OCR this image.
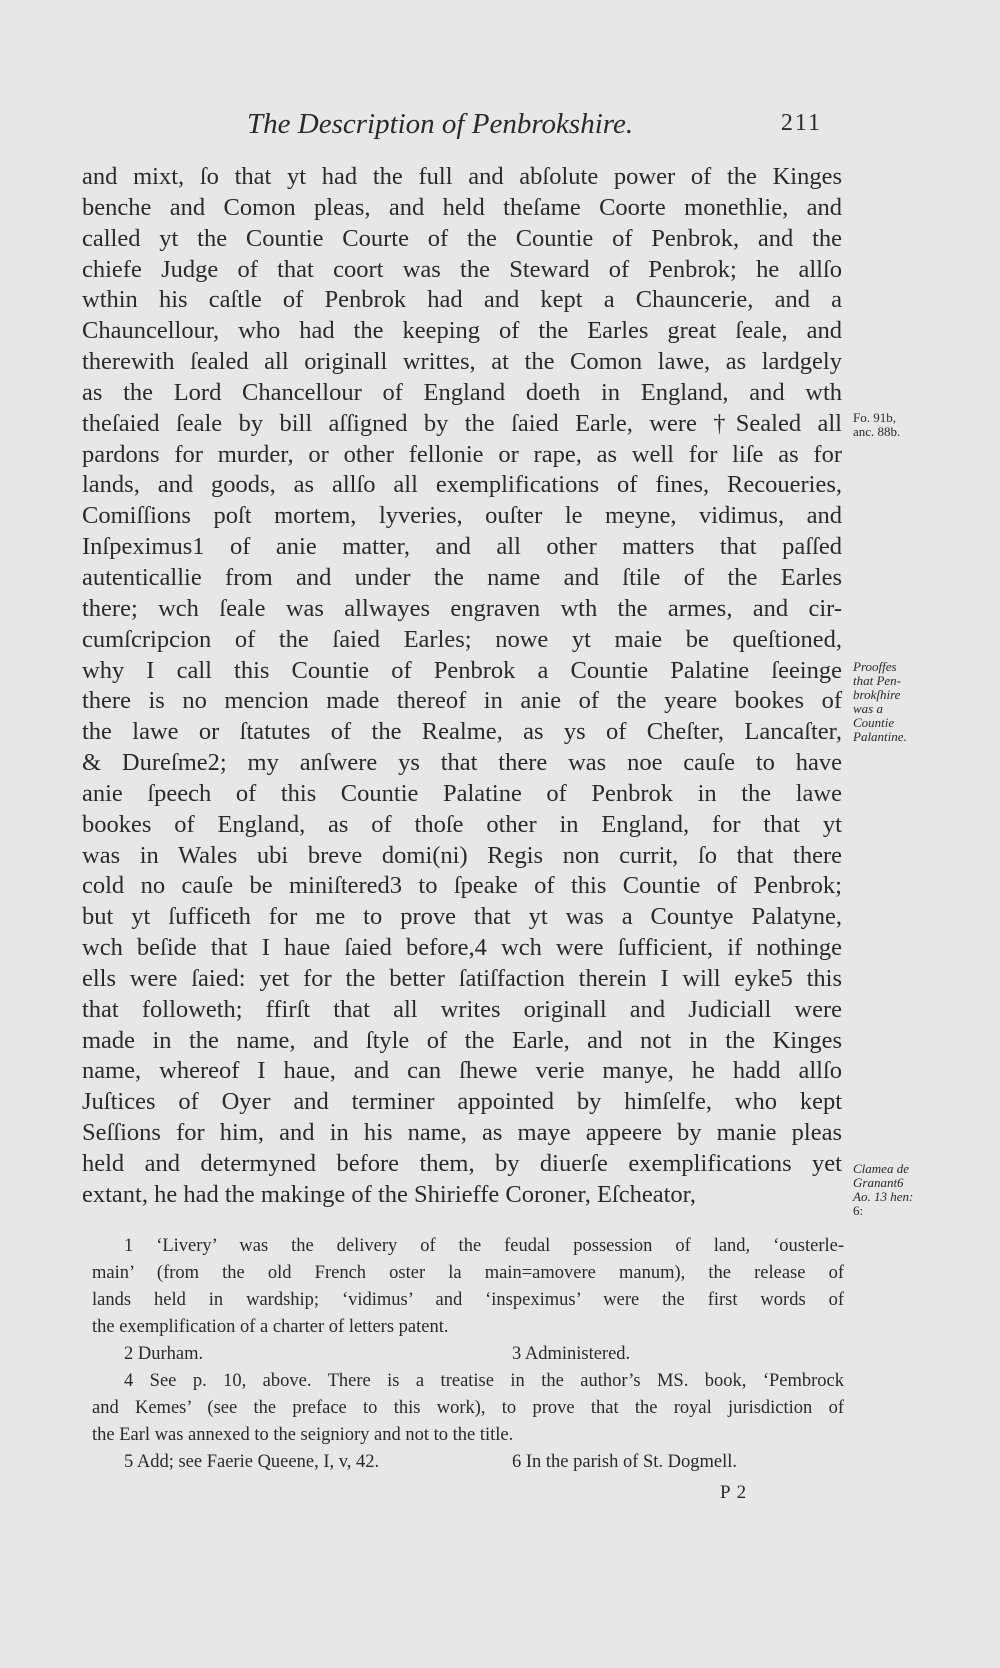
The Description of Penbrokshire.	211
and mixt, ſo that yt had the full and abſolute power of the Kinges
benche and Comon pleas, and held theſame Coorte monethlie, and
called yt the Countie Courte of the Countie of Penbrok, and the
chiefe Judge of that coort was the Steward of Penbrok; he allſo
wthin his caſtle of Penbrok had and kept a Chauncerie, and a
Chauncellour, who had the keeping of the Earles great ſeale, and
therewith ſealed all originall writtes, at the Comon lawe, as lardgely
as the Lord Chancellour of England doeth in England, and wth
theſaied ſeale by bill aſſigned by the ſaied Earle, were †Sealed all
pardons for murder, or other fellonie or rape, as well for liſe as for
lands, and goods, as allſo all exemplifications of fines, Recoueries,
Comiſſions poſt mortem, lyveries, ouſter le meyne, vidimus, and
Inſpeximus1 of anie matter, and all other matters that paſſed
autenticallie from and under the name and ſtile of the Earles
there; wch ſeale was allwayes engraven wth the armes, and cir-
cumſcripcion of the ſaied Earles; nowe yt maie be queſtioned,
why I call this Countie of Penbrok a Countie Palatine ſeeinge
there is no mencion made thereof in anie of the yeare bookes of
the lawe or ſtatutes of the Realme, as ys of Cheſter, Lancaſter,
& Dureſme2; my anſwere ys that there was noe cauſe to have
anie ſpeech of this Countie Palatine of Penbrok in the lawe
bookes of England, as of thoſe other in England, for that yt
was in Wales ubi breve domi(ni) Regis non currit, ſo that there
cold no cauſe be miniſtered3 to ſpeake of this Countie of Penbrok;
but yt ſufficeth for me to prove that yt was a Countye Palatyne,
wch beſide that I haue ſaied before,4 wch were ſufficient, if nothinge
ells were ſaied: yet for the better ſatiſfaction therein I will eyke5 this
that followeth; ffirſt that all writes originall and Judiciall were
made in the name, and ſtyle of the Earle, and not in the Kinges
name, whereof I haue, and can ſhewe verie manye, he hadd allſo
Juſtices of Oyer and terminer appointed by himſelfe, who kept
Seſſions for him, and in his name, as maye appeere by manie pleas
held and determyned before them, by diuerſe exemplifications yet
extant, he had the makinge of the Shirieffe Coroner, Eſcheator,
Fo. 91b,
anc. 88b.
Prooffes
that Pen-
brokſhire
was a
Countie
Palantine.
Clamea de
Granant6
Ao. 13 hen:
6:
1 ‘Livery’ was the delivery of the feudal possession of land, ‘ousterle-
main’ (from the old French oster la main=amovere manum), the release of
lands held in wardship; ‘vidimus’ and ‘inspeximus’ were the first words of
the exemplification of a charter of letters patent.
2 Durham.	3 Administered.
4 See p. 10, above. There is a treatise in the author’s MS. book, ‘Pembrock
and Kemes’ (see the preface to this work), to prove that the royal jurisdiction of
the Earl was annexed to the seigniory and not to the title.
5 Add; see Faerie Queene, I, v, 42.	6 In the parish of St. Dogmell.
P 2
